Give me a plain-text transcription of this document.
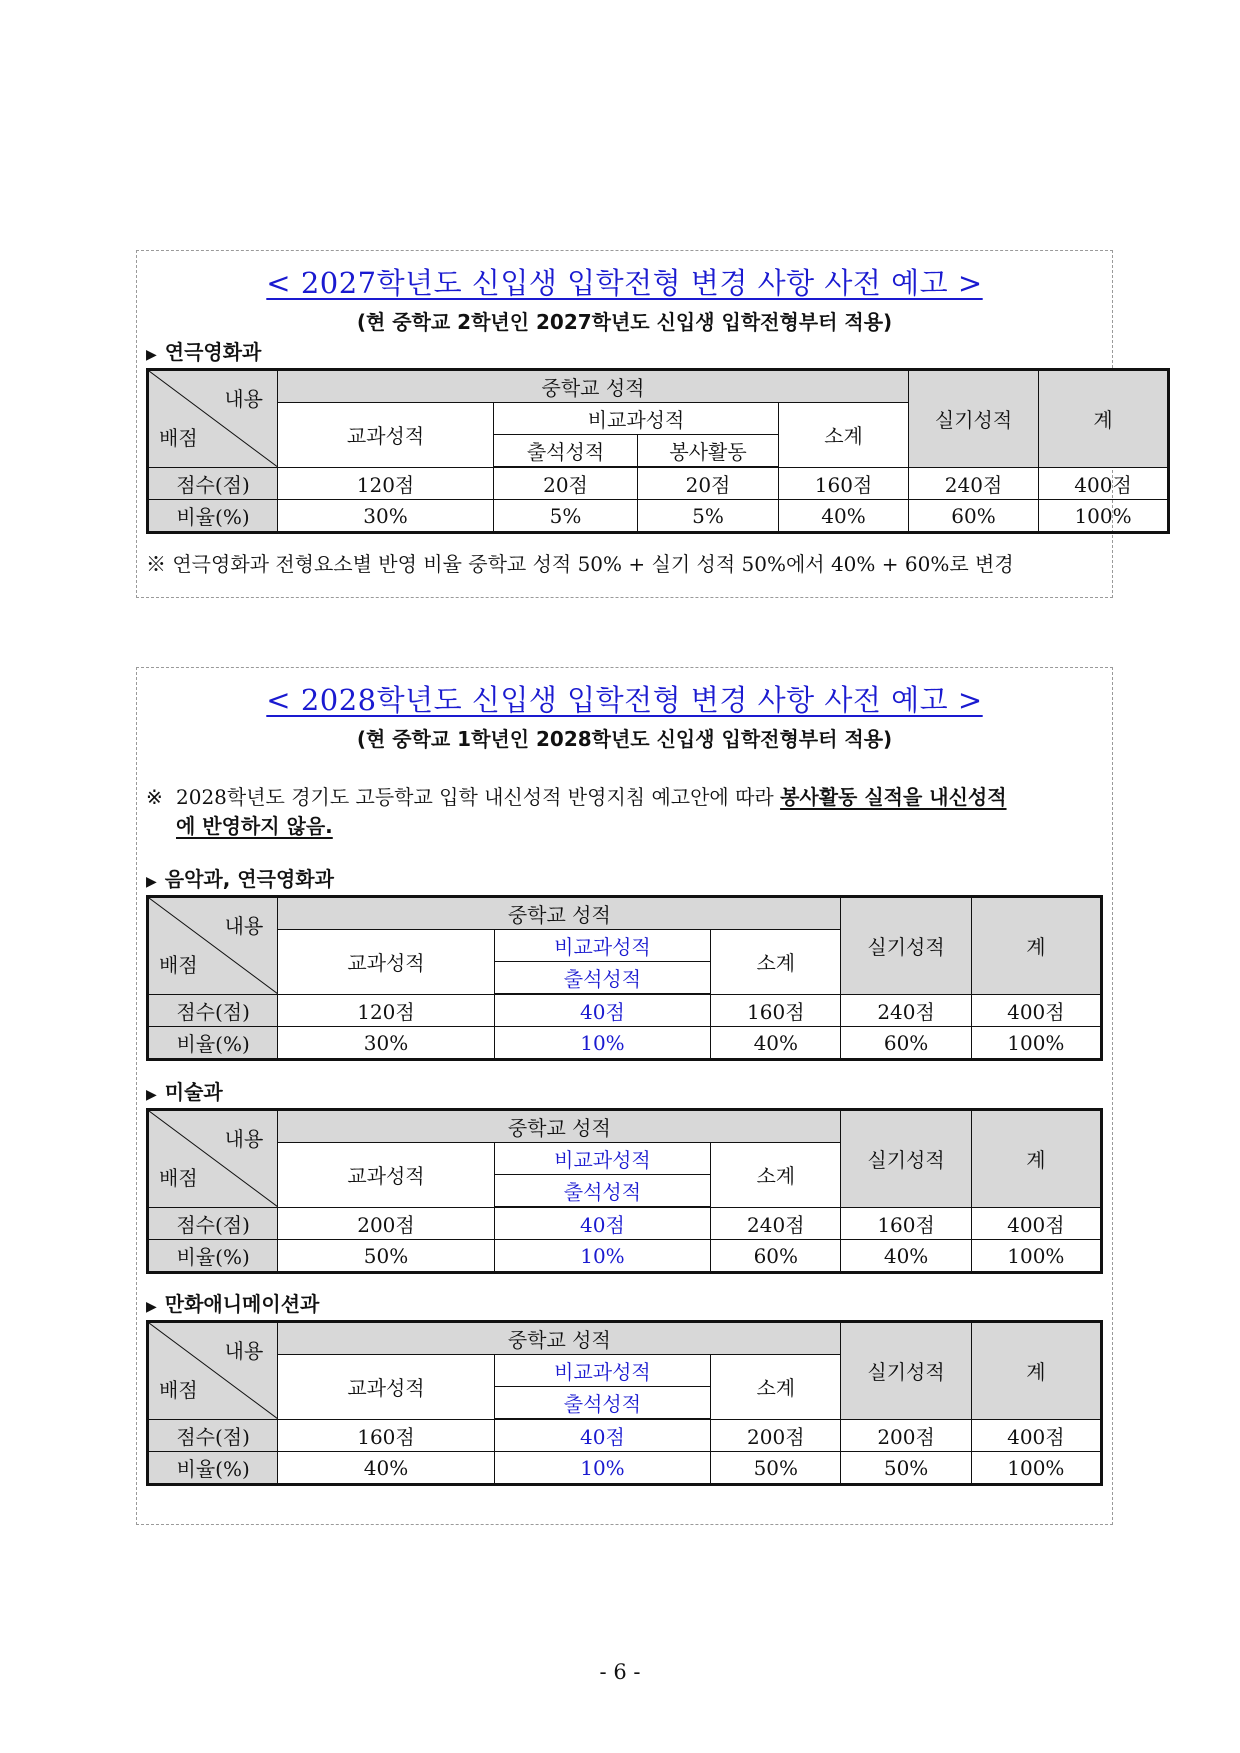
< 2027학년도 신입생 입학전형 변경 사항 사전 예고 >
(현 중학교 2학년인 2027학년도 신입생 입학전형부터 적용)
▶ 연극영화과
내용
배점	중학교 성적				실기성적	계
	교과성적	비교과성적		소계		
		출석성적	봉사활동			
점수(점)	120점	20점	20점	160점	240점	400점
비율(%)	30%	5%	5%	40%	60%	100%
※ 연극영화과 전형요소별 반영 비율 중학교 성적 50% + 실기 성적 50%에서 40% + 60%로 변경
< 2028학년도 신입생 입학전형 변경 사항 사전 예고 >
(현 중학교 1학년인 2028학년도 신입생 입학전형부터 적용)
※ 2028학년도 경기도 고등학교 입학 내신성적 반영지침 예고안에 따라 봉사활동 실적을 내신성적
에 반영하지 않음.
▶ 음악과, 연극영화과
내용
배점	중학교 성적			실기성적	계
	교과성적	비교과성적	소계		
		출석성적			
점수(점)	120점	40점	160점	240점	400점
비율(%)	30%	10%	40%	60%	100%
▶ 미술과
내용
배점	중학교 성적			실기성적	계
	교과성적	비교과성적	소계		
		출석성적			
점수(점)	200점	40점	240점	160점	400점
비율(%)	50%	10%	60%	40%	100%
▶ 만화애니메이션과
내용
배점	중학교 성적			실기성적	계
	교과성적	비교과성적	소계		
		출석성적			
점수(점)	160점	40점	200점	200점	400점
비율(%)	40%	10%	50%	50%	100%
- 6 -
